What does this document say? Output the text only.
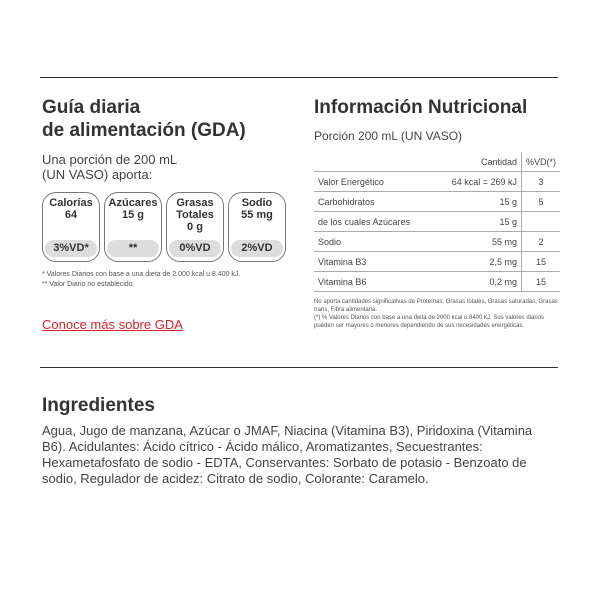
Guía diaria
de alimentación (GDA)
Una porción de 200 mL
(UN VASO) aporta:
Calorías
64
3%VD*
Azúcares
15 g
**
Grasas
Totales
0 g
0%VD
Sodio
55 mg
2%VD
* Valores Diarios con base a una dieta de 2.000 kcal u 8.400 kJ.
** Valor Diario no establecido.
Conoce más sobre GDA
Información Nutricional
Porción 200 mL (UN VASO)
	Cantidad	%VD(*)
Valor Energético	64 kcal = 269 kJ	3
Carbohidratos	15 g	5
de los cuales Azúcares	15 g	
Sodio	55 mg	2
Vitamina B3	2,5 mg	15
Vitamina B6	0,2 mg	15
No aporta cantidades significativas de Proteínas, Grasas totales, Grasas saturadas, Grasas trans, Fibra alimentaria.
(*) % Valores Diarios con base a una dieta de 2000 kcal u 8400 kJ. Sus valores diarios pueden ser mayores o menores dependiendo de sus necesidades energéticas.
Ingredientes
Agua, Jugo de manzana, Azúcar o JMAF, Niacina (Vitamina B3), Piridoxina (Vitamina B6). Acidulantes: Ácido cítrico - Ácido málico, Aromatizantes, Secuestrantes: Hexametafosfato de sodio - EDTA, Conservantes: Sorbato de potasio - Benzoato de sodio, Regulador de acidez: Citrato de sodio, Colorante: Caramelo.
